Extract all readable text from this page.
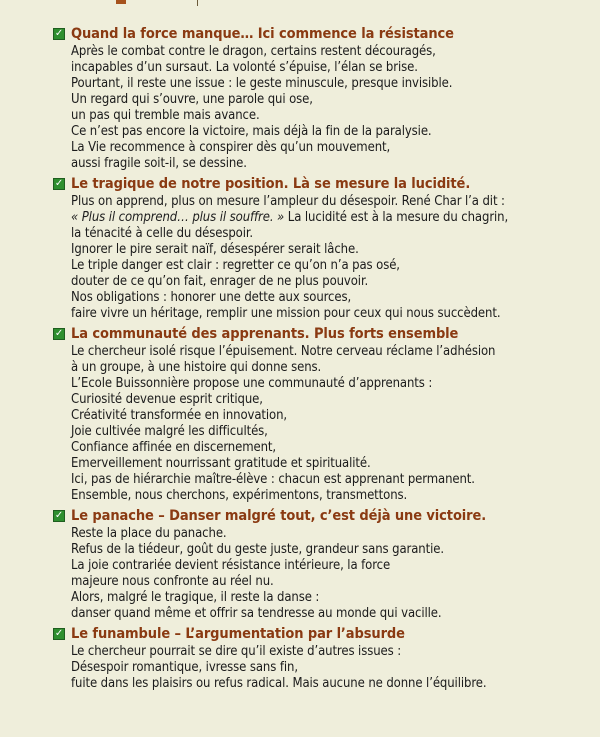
✓ Quand la force manque… Ici commence la résistance
Après le combat contre le dragon, certains restent découragés,
incapables d’un sursaut. La volonté s’épuise, l’élan se brise.
Pourtant, il reste une issue : le geste minuscule, presque invisible.
Un regard qui s’ouvre, une parole qui ose,
un pas qui tremble mais avance.
Ce n’est pas encore la victoire, mais déjà la fin de la paralysie.
La Vie recommence à conspirer dès qu’un mouvement,
aussi fragile soit-il, se dessine.
✓ Le tragique de notre position. Là se mesure la lucidité.
Plus on apprend, plus on mesure l’ampleur du désespoir. René Char l’a dit :
« Plus il comprend… plus il souffre. » La lucidité est à la mesure du chagrin,
la ténacité à celle du désespoir.
Ignorer le pire serait naïf, désespérer serait lâche.
Le triple danger est clair : regretter ce qu’on n’a pas osé,
douter de ce qu’on fait, enrager de ne plus pouvoir.
Nos obligations : honorer une dette aux sources,
faire vivre un héritage, remplir une mission pour ceux qui nous succèdent.
✓ La communauté des apprenants. Plus forts ensemble
Le chercheur isolé risque l’épuisement. Notre cerveau réclame l’adhésion
à un groupe, à une histoire qui donne sens.
L’Ecole Buissonnière propose une communauté d’apprenants :
Curiosité devenue esprit critique,
Créativité transformée en innovation,
Joie cultivée malgré les difficultés,
Confiance affinée en discernement,
Emerveillement nourrissant gratitude et spiritualité.
Ici, pas de hiérarchie maître-élève : chacun est apprenant permanent.
Ensemble, nous cherchons, expérimentons, transmettons.
✓ Le panache – Danser malgré tout, c’est déjà une victoire.
Reste la place du panache.
Refus de la tiédeur, goût du geste juste, grandeur sans garantie.
La joie contrariée devient résistance intérieure, la force
majeure nous confronte au réel nu.
Alors, malgré le tragique, il reste la danse :
danser quand même et offrir sa tendresse au monde qui vacille.
✓ Le funambule – L’argumentation par l’absurde
Le chercheur pourrait se dire qu’il existe d’autres issues :
Désespoir romantique, ivresse sans fin,
fuite dans les plaisirs ou refus radical. Mais aucune ne donne l’équilibre.
